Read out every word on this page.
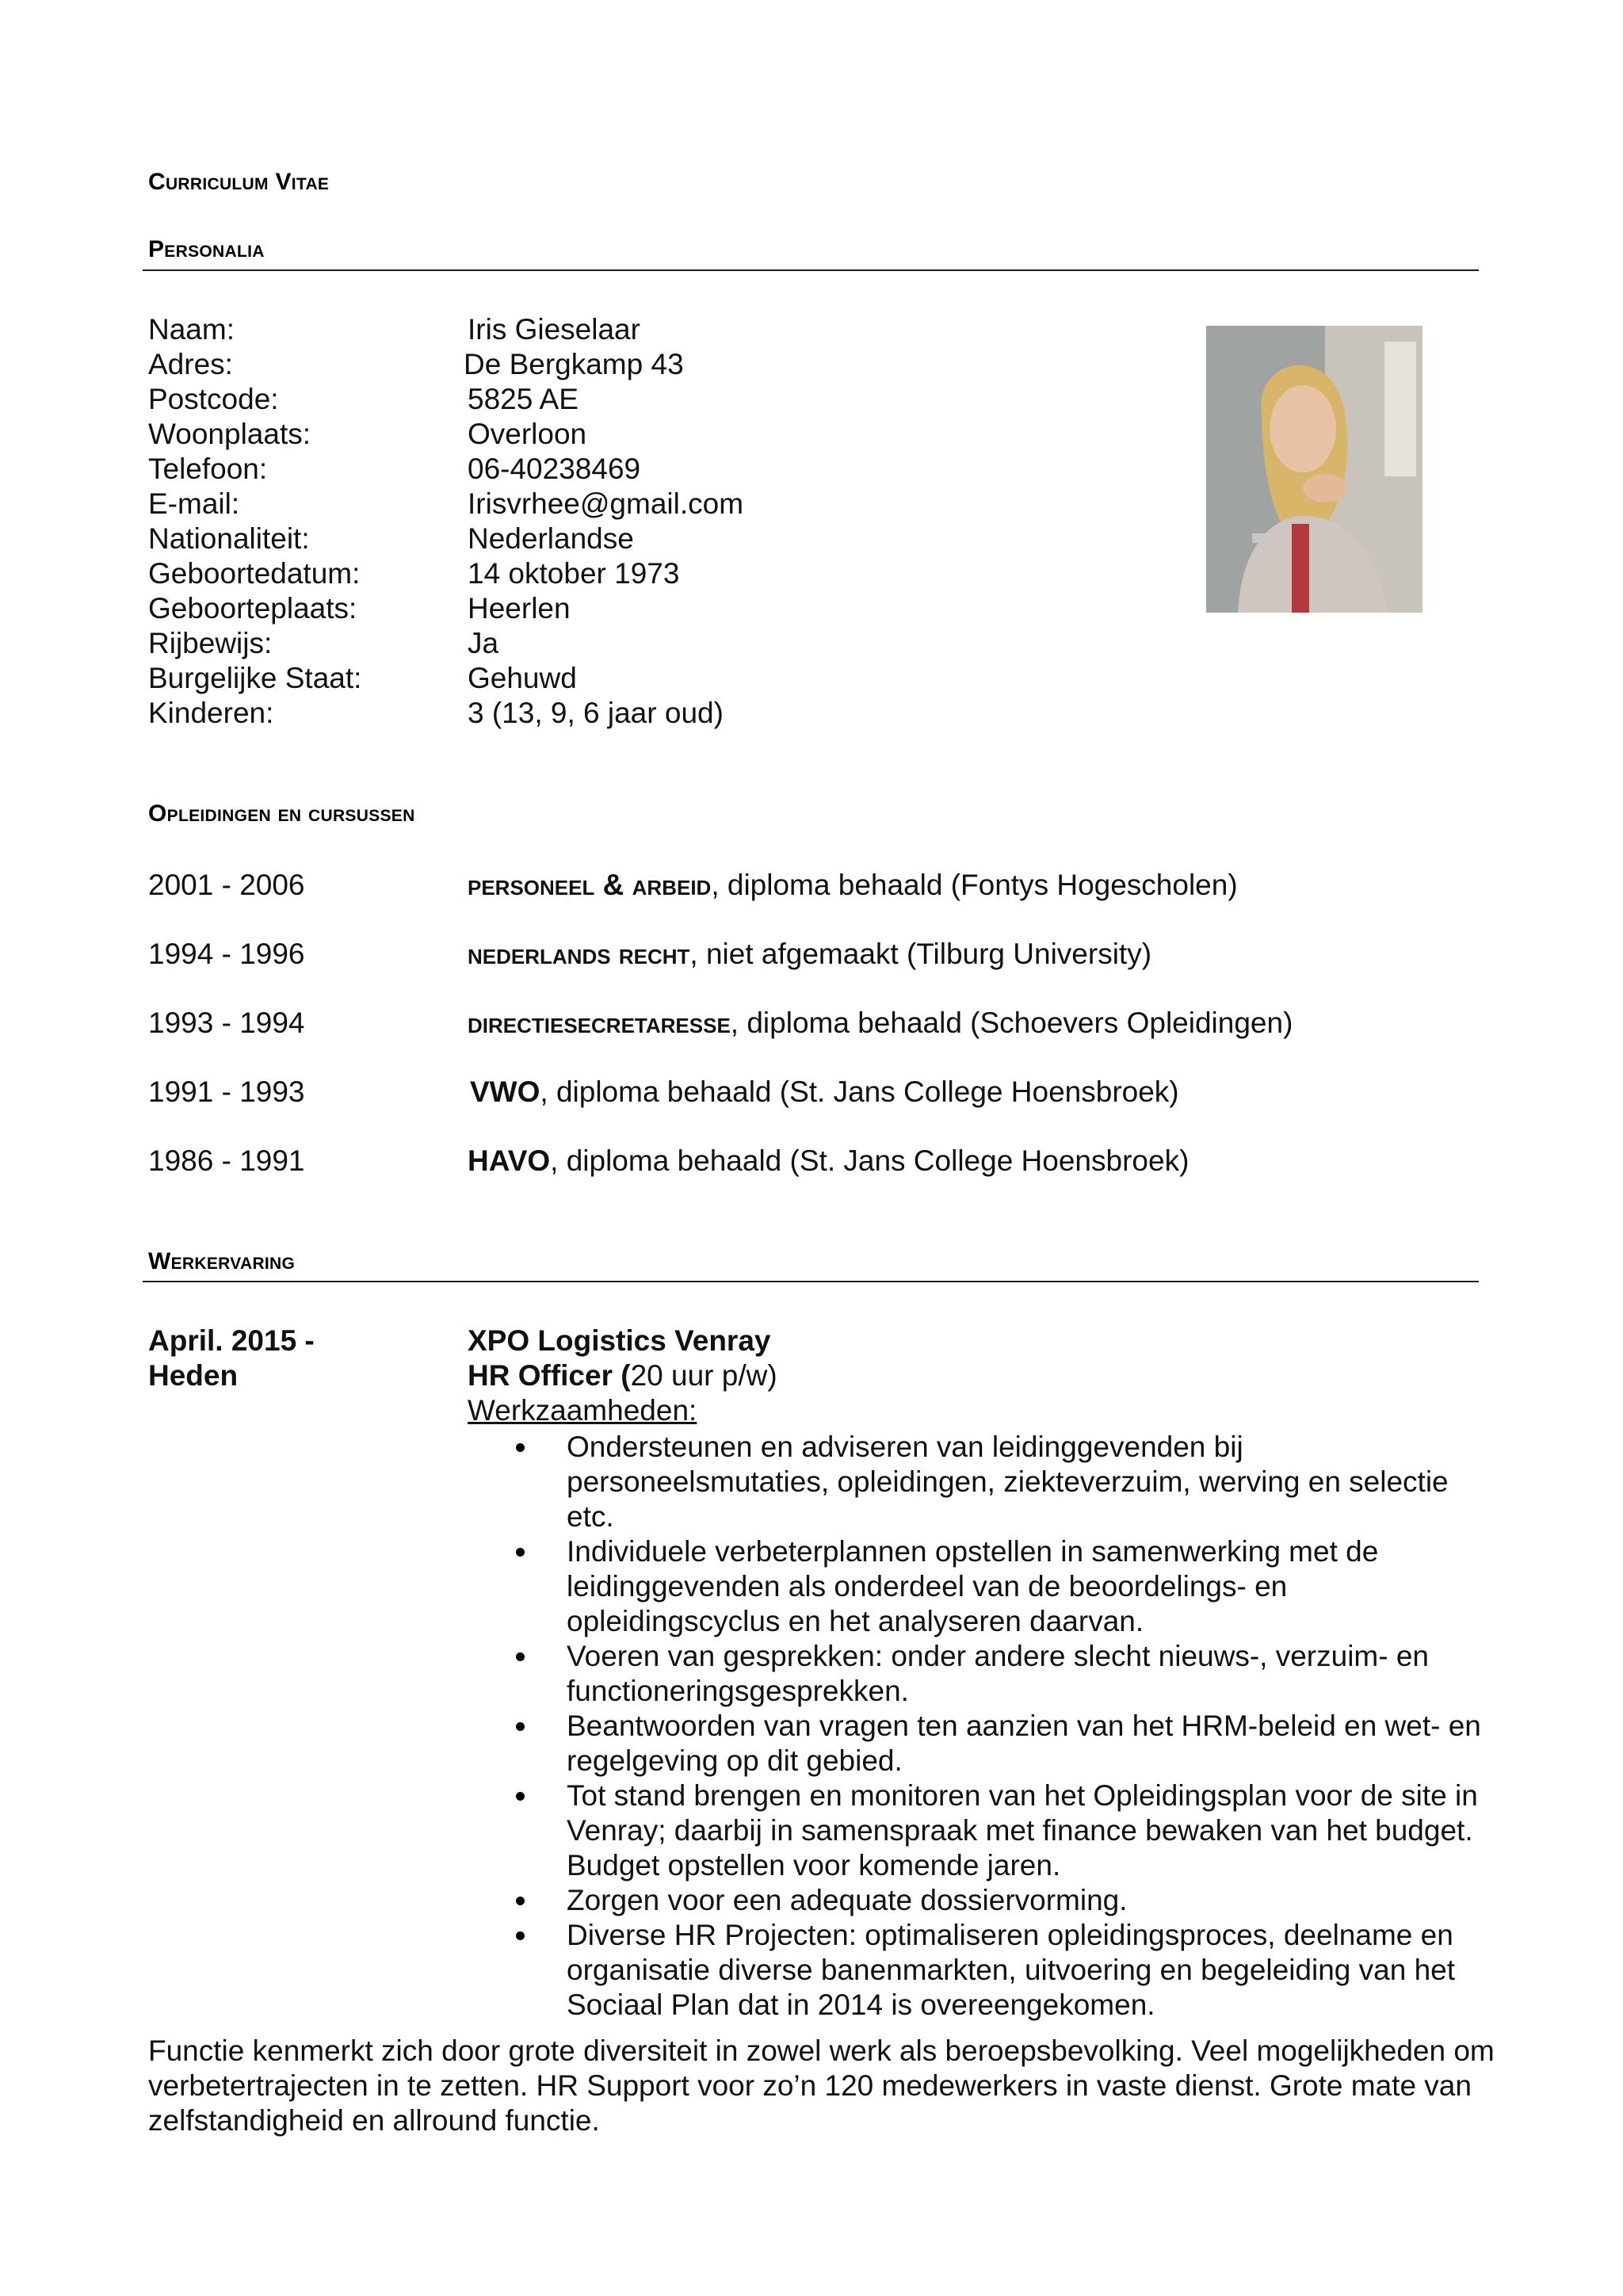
Curriculum Vitae
Personalia
Naam:	Iris Gieselaar
Adres:	De Bergkamp 43
Postcode:	5825 AE
Woonplaats:	Overloon
Telefoon:	06-40238469
E-mail:	Irisvrhee@gmail.com
Nationaliteit:	Nederlandse
Geboortedatum:	14 oktober 1973
Geboorteplaats:	Heerlen
Rijbewijs:	Ja
Burgelijke Staat:	Gehuwd
Kinderen:	3 (13, 9, 6 jaar oud)
Opleidingen en cursussen
2001 - 2006	personeel & arbeid, diploma behaald (Fontys Hogescholen)
1994 - 1996	nederlands recht, niet afgemaakt (Tilburg University)
1993 - 1994	directiesecretaresse, diploma behaald (Schoevers Opleidingen)
1991 - 1993	VWO, diploma behaald (St. Jans College Hoensbroek)
1986 - 1991	HAVO, diploma behaald (St. Jans College Hoensbroek)
Werkervaring
April. 2015 -
Heden
XPO Logistics Venray
HR Officer (20 uur p/w)
Werkzaamheden:
Ondersteunen en adviseren van leidinggevenden bij personeelsmutaties, opleidingen, ziekteverzuim, werving en selectie etc.
Individuele verbeterplannen opstellen in samenwerking met de leidinggevenden als onderdeel van de beoordelings- en opleidingscyclus en het analyseren daarvan.
Voeren van gesprekken: onder andere slecht nieuws-, verzuim- en functioneringsgesprekken.
Beantwoorden van vragen ten aanzien van het HRM-beleid en wet- en regelgeving op dit gebied.
Tot stand brengen en monitoren van het Opleidingsplan voor de site in Venray; daarbij in samenspraak met finance bewaken van het budget. Budget opstellen voor komende jaren.
Zorgen voor een adequate dossiervorming.
Diverse HR Projecten: optimaliseren opleidingsproces, deelname en organisatie diverse banenmarkten, uitvoering en begeleiding van het Sociaal Plan dat in 2014 is overeengekomen.
Functie kenmerkt zich door grote diversiteit in zowel werk als beroepsbevolking. Veel mogelijkheden om verbetertrajecten in te zetten. HR Support voor zo’n 120 medewerkers in vaste dienst. Grote mate van zelfstandigheid en allround functie.
